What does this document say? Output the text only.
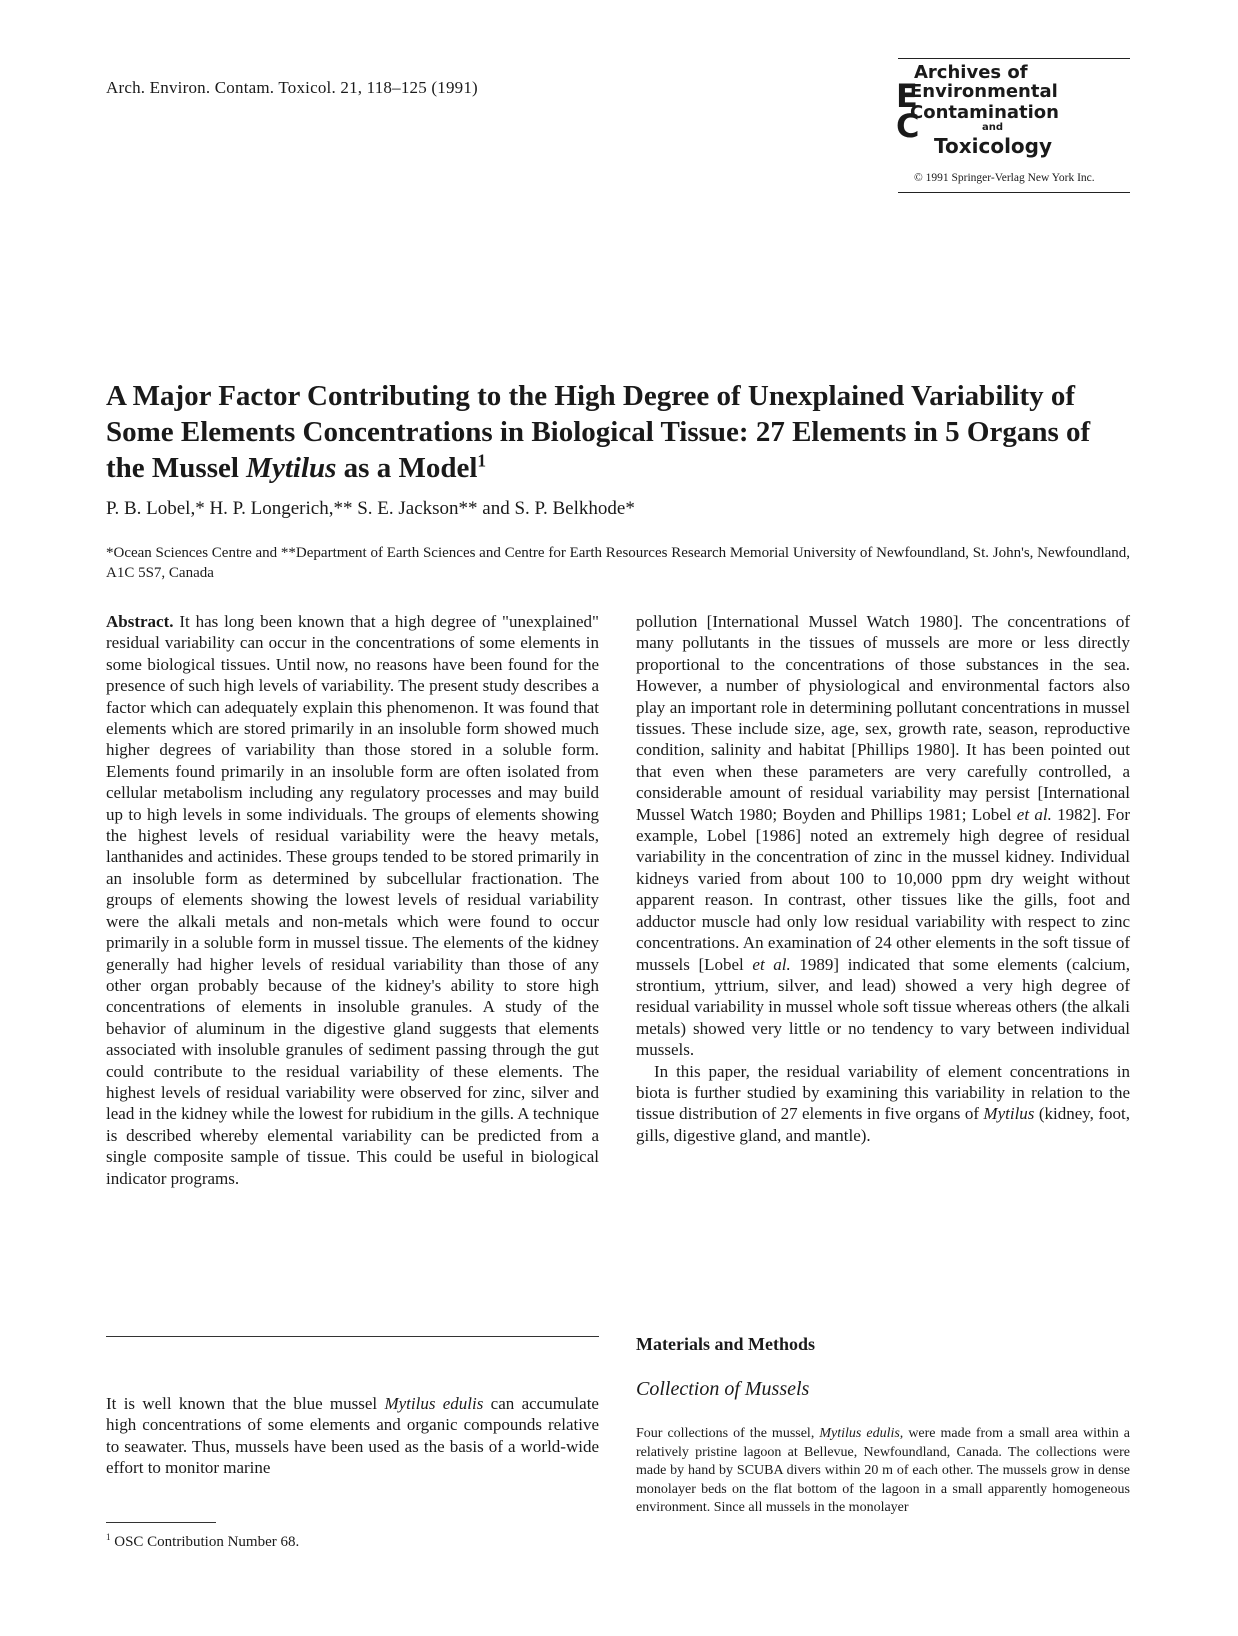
Arch. Environ. Contam. Toxicol. 21, 118–125 (1991)	E
C
Archives of
Environmental
Contamination
and
Toxicology
© 1991 Springer-Verlag New York Inc.
A Major Factor Contributing to the High Degree of Unexplained Variability of Some Elements Concentrations in Biological Tissue: 27 Elements in 5 Organs of the Mussel Mytilus as a Model$^1$
P. B. Lobel,* H. P. Longerich,** S. E. Jackson** and S. P. Belkhode*
*Ocean Sciences Centre and **Department of Earth Sciences and Centre for Earth Resources Research Memorial University of Newfoundland, St. John's, Newfoundland, A1C 5S7, Canada

Abstract. It has long been known that a high degree of "unexplained" residual variability can occur in the concentrations of some elements in some biological tissues. Until now, no reasons have been found for the presence of such high levels of variability. The present study describes a factor which can adequately explain this phenomenon. It was found that elements which are stored primarily in an insoluble form showed much higher degrees of variability than those stored in a soluble form. Elements found primarily in an insoluble form are often isolated from cellular metabolism including any regulatory processes and may build up to high levels in some individuals. The groups of elements showing the highest levels of residual variability were the heavy metals, lanthanides and actinides. These groups tended to be stored primarily in an insoluble form as determined by subcellular fractionation. The groups of elements showing the lowest levels of residual variability were the alkali metals and non-metals which were found to occur primarily in a soluble form in mussel tissue. The elements of the kidney generally had higher levels of residual variability than those of any other organ probably because of the kidney's ability to store high concentrations of elements in insoluble granules. A study of the behavior of aluminum in the digestive gland suggests that elements associated with insoluble granules of sediment passing through the gut could contribute to the residual variability of these elements. The highest levels of residual variability were observed for zinc, silver and lead in the kidney while the lowest for rubidium in the gills. A technique is described whereby elemental variability can be predicted from a single composite sample of tissue. This could be useful in biological indicator programs.

It is well known that the blue mussel Mytilus edulis can accumulate high concentrations of some elements and organic compounds relative to seawater. Thus, mussels have been used as the basis of a world-wide effort to monitor marine

$^1$ OSC Contribution Number 68.

pollution [International Mussel Watch 1980]. The concentrations of many pollutants in the tissues of mussels are more or less directly proportional to the concentrations of those substances in the sea. However, a number of physiological and environmental factors also play an important role in determining pollutant concentrations in mussel tissues. These include size, age, sex, growth rate, season, reproductive condition, salinity and habitat [Phillips 1980]. It has been pointed out that even when these parameters are very carefully controlled, a considerable amount of residual variability may persist [International Mussel Watch 1980; Boyden and Phillips 1981; Lobel et al. 1982]. For example, Lobel [1986] noted an extremely high degree of residual variability in the concentration of zinc in the mussel kidney. Individual kidneys varied from about 100 to 10,000 ppm dry weight without apparent reason. In contrast, other tissues like the gills, foot and adductor muscle had only low residual variability with respect to zinc concentrations. An examination of 24 other elements in the soft tissue of mussels [Lobel et al. 1989] indicated that some elements (calcium, strontium, yttrium, silver, and lead) showed a very high degree of residual variability in mussel whole soft tissue whereas others (the alkali metals) showed very little or no tendency to vary between individual mussels.

In this paper, the residual variability of element concentrations in biota is further studied by examining this variability in relation to the tissue distribution of 27 elements in five organs of Mytilus (kidney, foot, gills, digestive gland, and mantle).

Materials and Methods
Collection of Mussels

Four collections of the mussel, Mytilus edulis, were made from a small area within a relatively pristine lagoon at Bellevue, Newfoundland, Canada. The collections were made by hand by SCUBA divers within 20 m of each other. The mussels grow in dense monolayer beds on the flat bottom of the lagoon in a small apparently homogeneous environment. Since all mussels in the monolayer
